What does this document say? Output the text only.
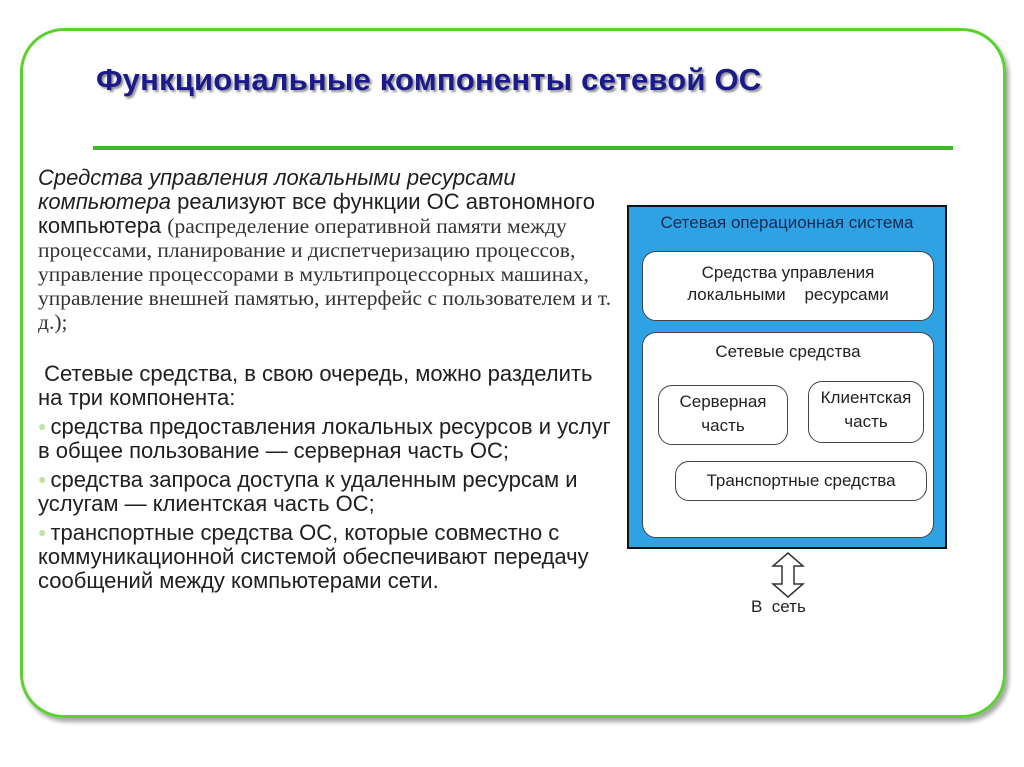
Функциональные компоненты сетевой ОС
Средства управления локальными ресурсами
компьютера реализуют все функции ОС автономного компьютера (распределение оперативной памяти между процессами, планирование и диспетчеризацию процессов, управление процессорами в мультипроцессорных машинах, управление внешней памятью, интерфейс с пользователем и т. д.);
Сетевые средства, в свою очередь, можно разделить на три компонента:
● средства предоставления локальных ресурсов и услуг в общее пользование — серверная часть ОС;
● средства запроса доступа к удаленным ресурсам и услугам — клиентская часть ОС;
● транспортные средства ОС, которые совместно с коммуникационной системой обеспечивают передачу сообщений между компьютерами сети.
Сетевая операционная система
Средства управления
локальными    ресурсами
Сетевые средства
Серверная
часть
Клиентская
часть
Транспортные средства
В  сеть
